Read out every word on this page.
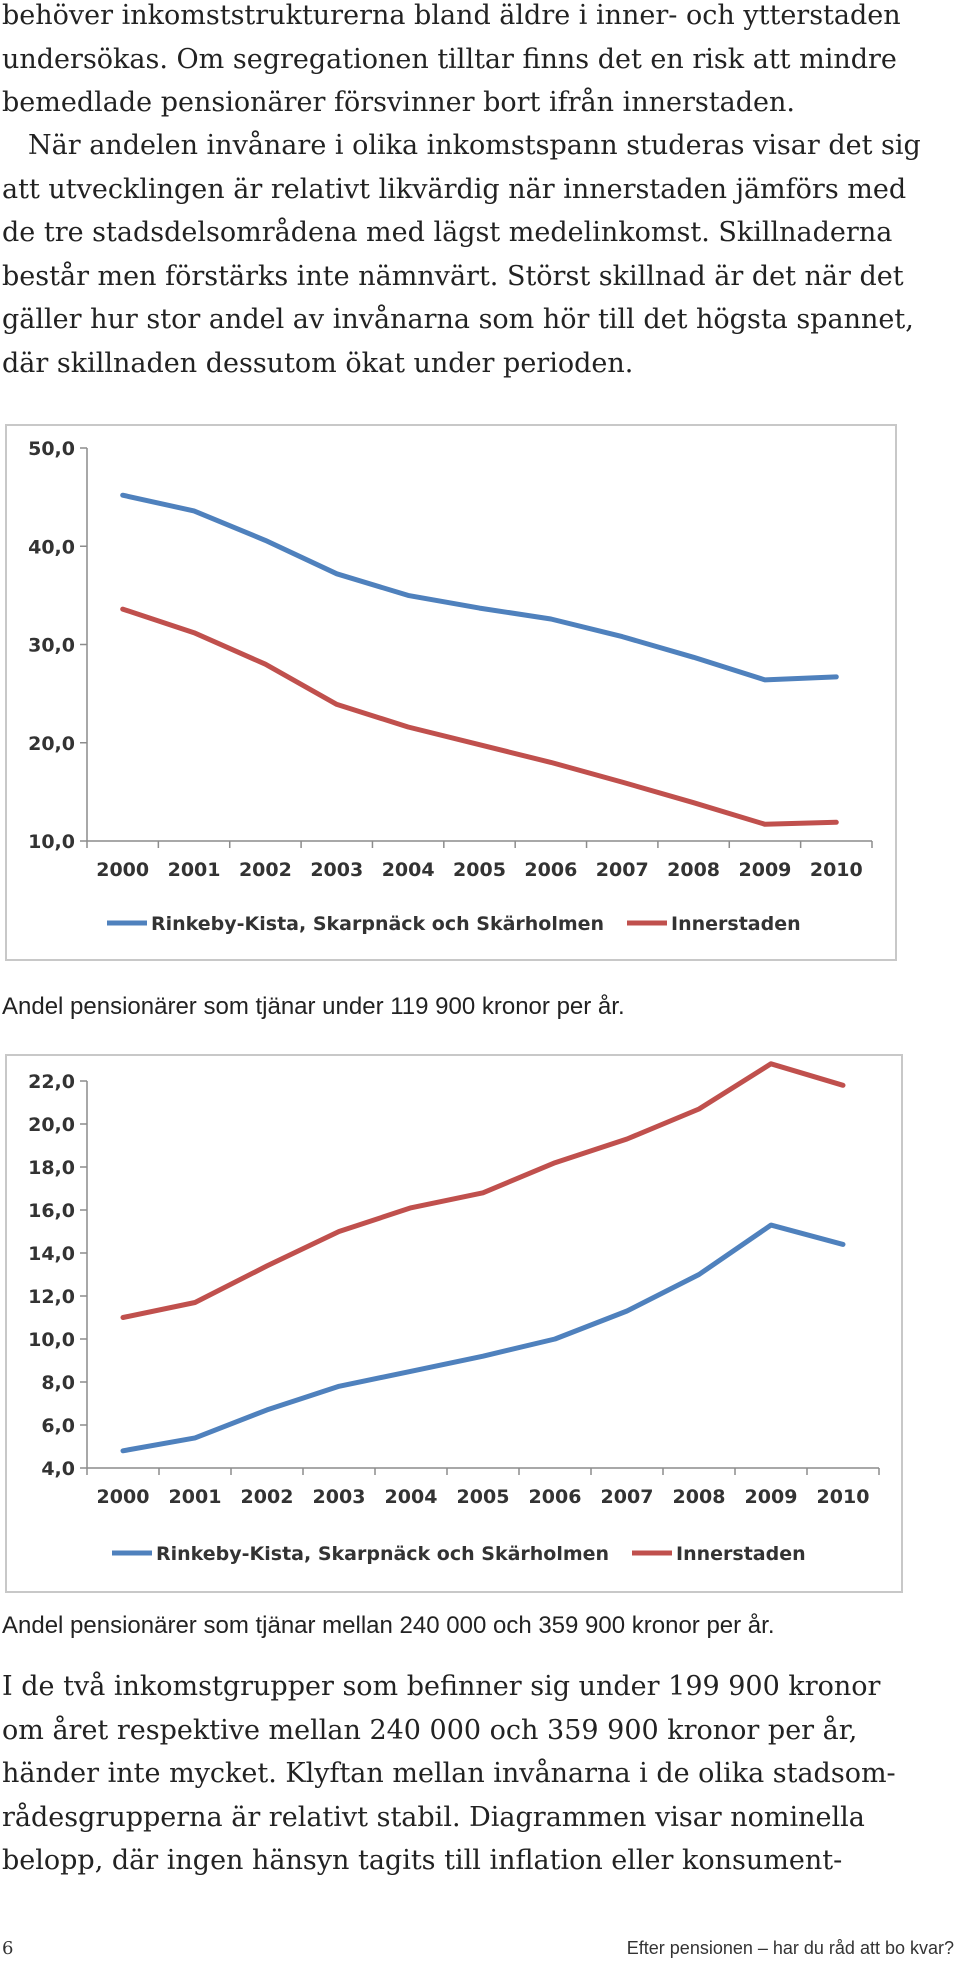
behöver inkomststrukturerna bland äldre i inner- och ytterstaden
undersökas. Om segregationen tilltar finns det en risk att mindre
bemedlade pensionärer försvinner bort ifrån innerstaden.
När andelen invånare i olika inkomstspann studeras visar det sig
att utvecklingen är relativt likvärdig när innerstaden jämförs med
de tre stadsdelsområdena med lägst medelinkomst. Skillnaderna
består men förstärks inte nämnvärt. Störst skillnad är det när det
gäller hur stor andel av invånarna som hör till det högsta spannet,
där skillnaden dessutom ökat under perioden.
10,0
20,0
30,0
40,0
50,0
2000 2001 2002 2003 2004 2005 2006 2007 2008 2009 2010
Rinkeby-Kista, Skarpnäck och Skärholmen	Innerstaden
Andel pensionärer som tjänar under 119 900 kronor per år.
4,0
6,0
8,0
10,0
12,0
14,0
16,0
18,0
20,0
22,0
2000 2001 2002 2003 2004 2005 2006 2007 2008 2009 2010
Rinkeby-Kista, Skarpnäck och Skärholmen	Innerstaden
Andel pensionärer som tjänar mellan 240 000 och 359 900 kronor per år.
I de två inkomstgrupper som befinner sig under 199 900 kronor
om året respektive mellan 240 000 och 359 900 kronor per år,
händer inte mycket. Klyftan mellan invånarna i de olika stadsom-
rådesgrupperna är relativt stabil. Diagrammen visar nominella
belopp, där ingen hänsyn tagits till inflation eller konsument-
6	Efter pensionen – har du råd att bo kvar?
